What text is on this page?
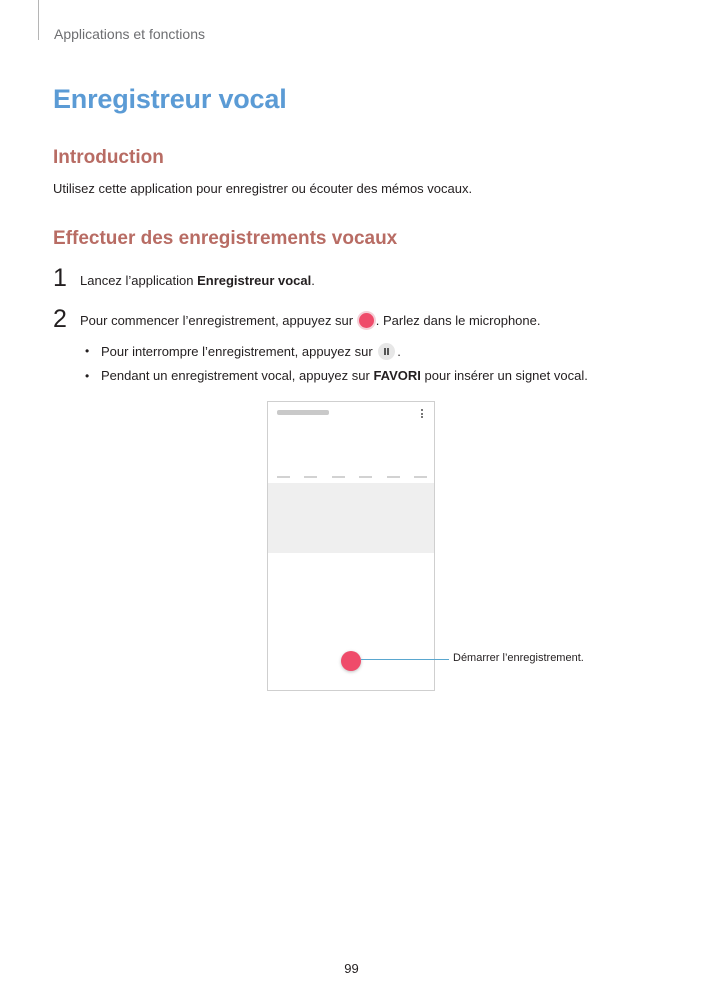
Applications et fonctions
Enregistreur vocal
Introduction
Utilisez cette application pour enregistrer ou écouter des mémos vocaux.
Effectuer des enregistrements vocaux
1 Lancez l’application Enregistreur vocal.
2 Pour commencer l’enregistrement, appuyez sur . Parlez dans le microphone.
• Pour interrompre l’enregistrement, appuyez sur .
• Pendant un enregistrement vocal, appuyez sur FAVORI pour insérer un signet vocal.
Démarrer l’enregistrement.
99
